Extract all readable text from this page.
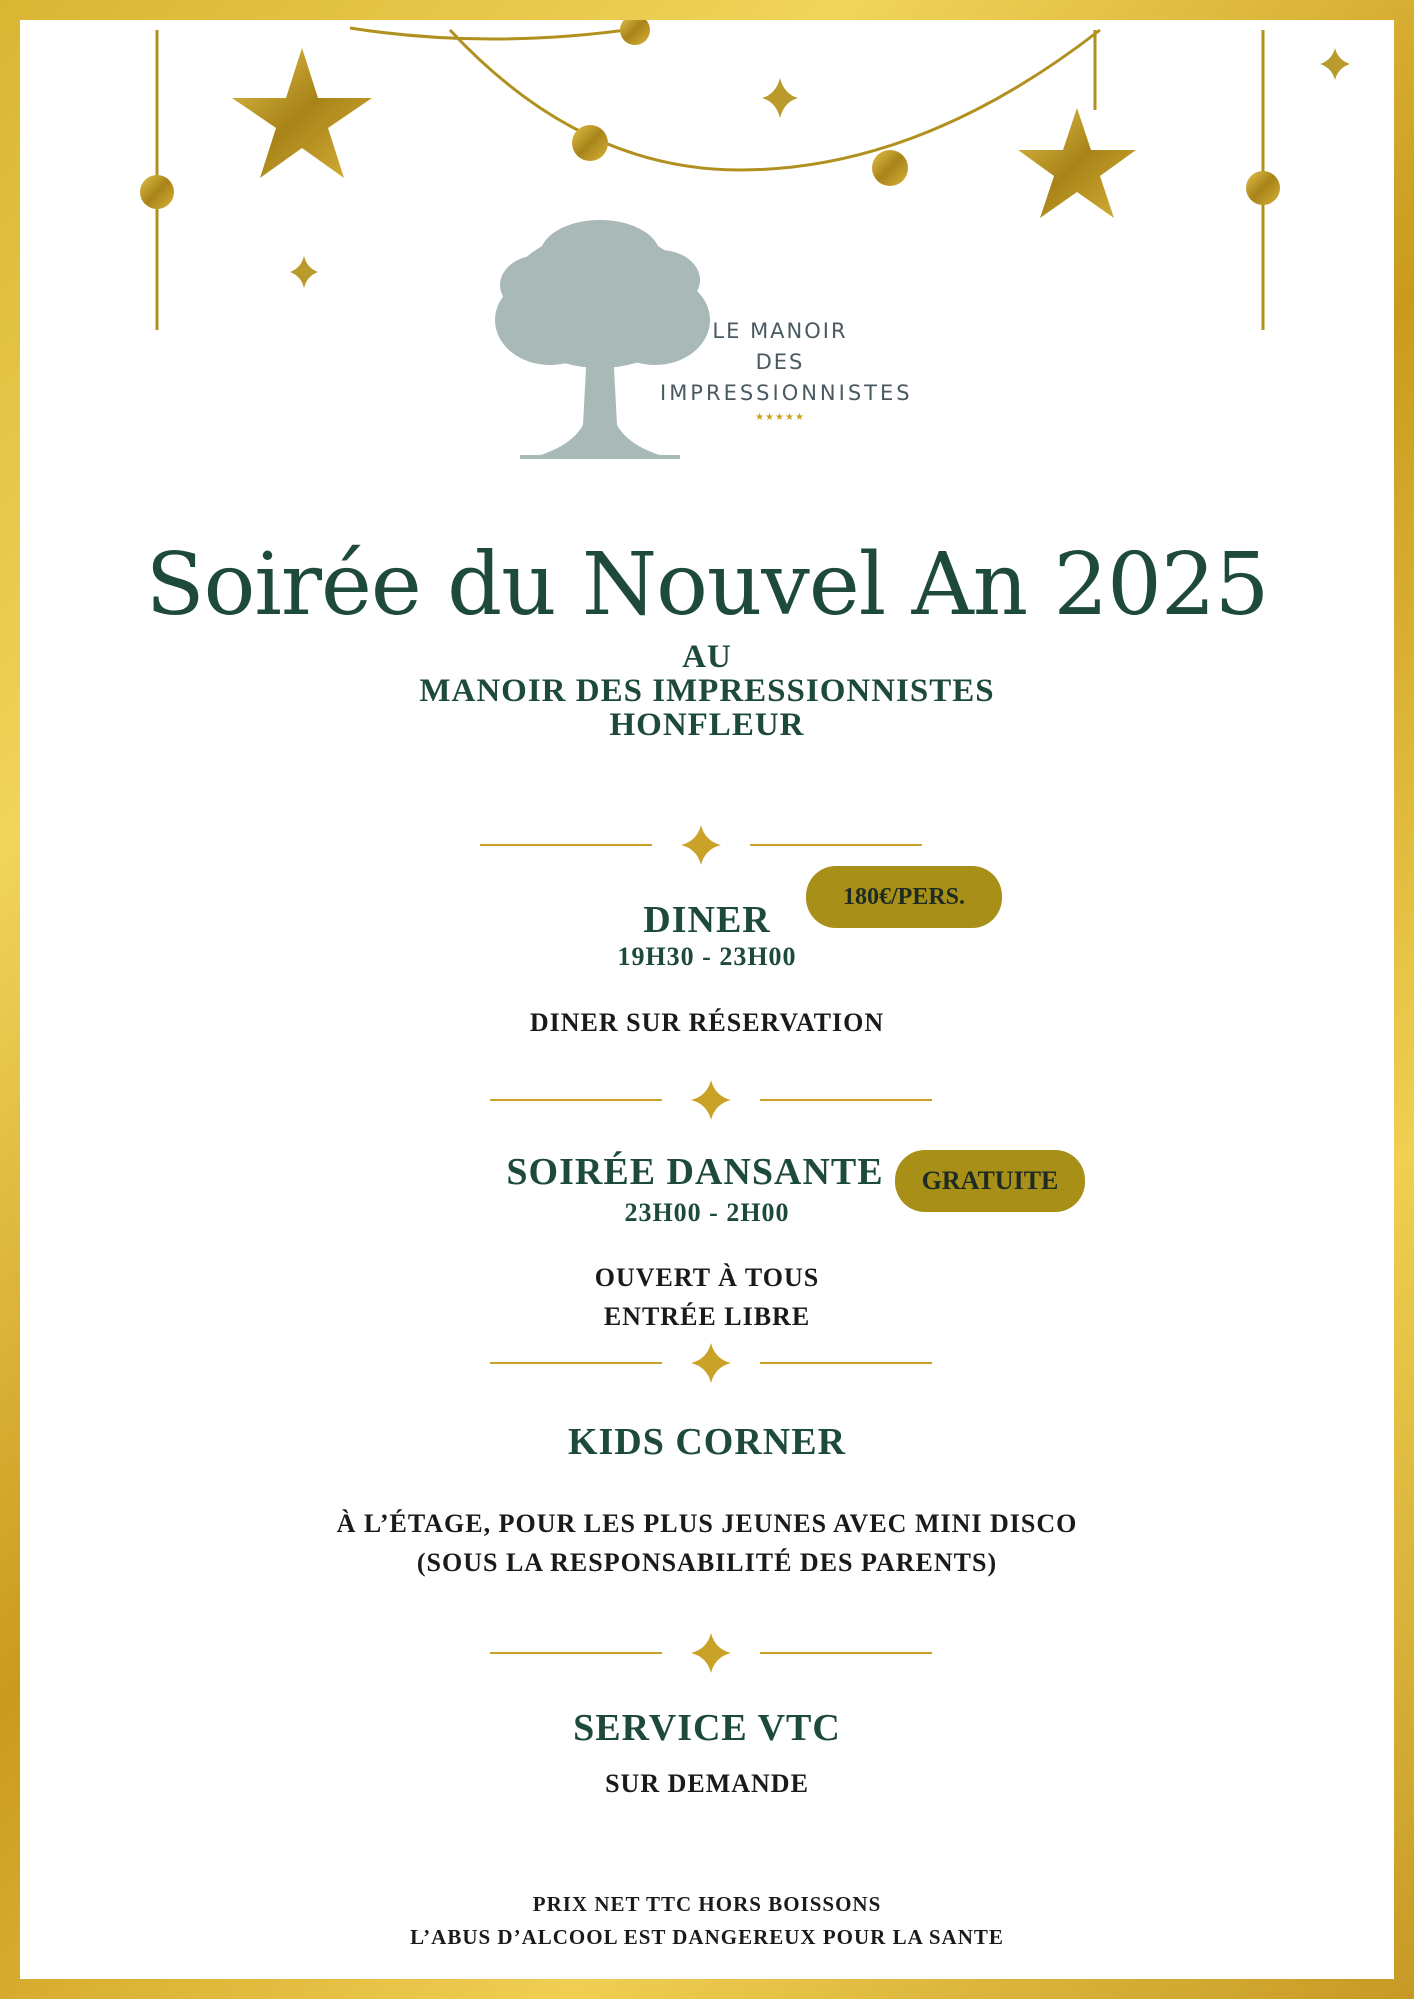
LE MANOIR
DES
IMPRESSIONNISTES
★★★★★
Soirée du Nouvel An 2025
AU
MANOIR DES IMPRESSIONNISTES
HONFLEUR
DINER
180€/PERS.
19H30 - 23H00
DINER SUR RÉSERVATION
SOIRÉE DANSANTE	GRATUITE
23H00 - 2H00
OUVERT À TOUS
ENTRÉE LIBRE
KIDS CORNER
À L’ÉTAGE, POUR LES PLUS JEUNES AVEC MINI DISCO
(SOUS LA RESPONSABILITÉ DES PARENTS)
SERVICE VTC
SUR DEMANDE
PRIX NET TTC HORS BOISSONS
L’ABUS D’ALCOOL EST DANGEREUX POUR LA SANTE
